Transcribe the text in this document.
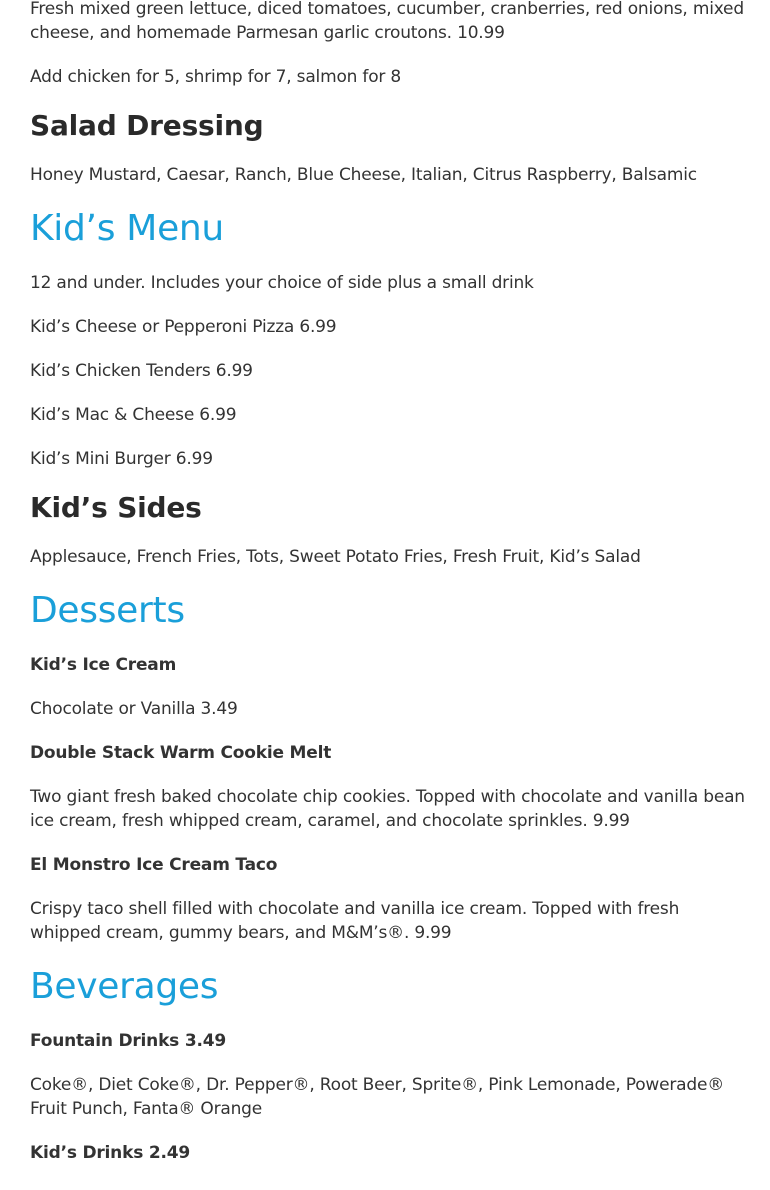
Fresh mixed green lettuce, diced tomatoes, cucumber, cranberries, red onions, mixed cheese, and homemade Parmesan garlic croutons. 10.99

Add chicken for 5, shrimp for 7, salmon for 8

Salad Dressing

Honey Mustard, Caesar, Ranch, Blue Cheese, Italian, Citrus Raspberry, Balsamic

Kid’s Menu

12 and under. Includes your choice of side plus a small drink

Kid’s Cheese or Pepperoni Pizza 6.99

Kid’s Chicken Tenders 6.99

Kid’s Mac & Cheese 6.99

Kid’s Mini Burger 6.99

Kid’s Sides

Applesauce, French Fries, Tots, Sweet Potato Fries, Fresh Fruit, Kid’s Salad

Desserts

Kid’s Ice Cream

Chocolate or Vanilla 3.49

Double Stack Warm Cookie Melt

Two giant fresh baked chocolate chip cookies. Topped with chocolate and vanilla bean ice cream, fresh whipped cream, caramel, and chocolate sprinkles. 9.99

El Monstro Ice Cream Taco

Crispy taco shell filled with chocolate and vanilla ice cream. Topped with fresh whipped cream, gummy bears, and M&M’s®. 9.99

Beverages

Fountain Drinks 3.49

Coke®, Diet Coke®, Dr. Pepper®, Root Beer, Sprite®, Pink Lemonade, Powerade® Fruit Punch, Fanta® Orange

Kid’s Drinks 2.49
